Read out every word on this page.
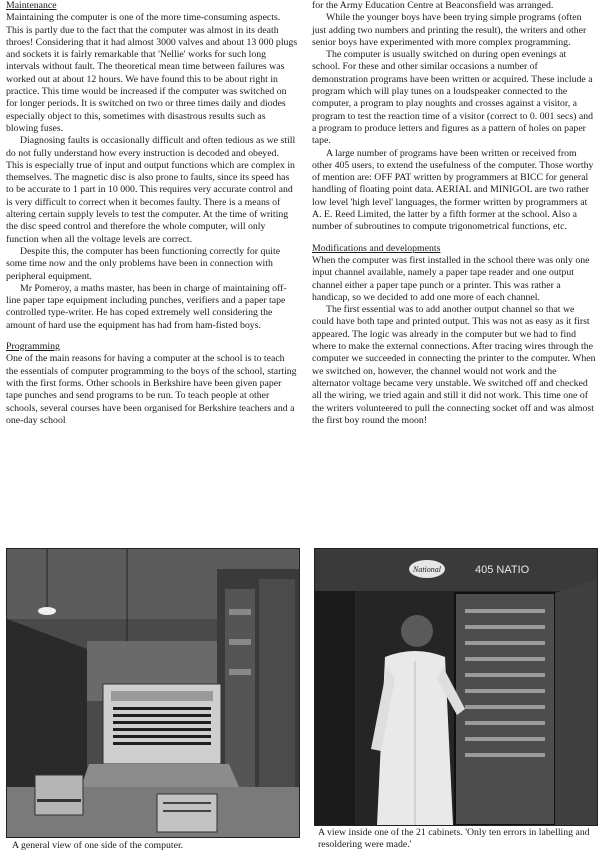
Maintenance

Maintaining the computer is one of the more time-consuming aspects. This is partly due to the fact that the computer was almost in its death throes! Considering that it had almost 3000 valves and about 13 000 plugs and sockets it is fairly remarkable that 'Nellie' works for such long intervals without fault. The theoretical mean time between failures was worked out at about 12 hours. We have found this to be about right in practice. This time would be increased if the computer was switched on for longer periods. It is switched on two or three times daily and diodes especially object to this, sometimes with disastrous results such as blowing fuses.

Diagnosing faults is occasionally difficult and often tedious as we still do not fully understand how every instruction is decoded and obeyed. This is especially true of input and output functions which are complex in themselves. The magnetic disc is also prone to faults, since its speed has to be accurate to 1 part in 10 000. This requires very accurate control and is very difficult to correct when it becomes faulty. There is a means of altering certain supply levels to test the computer. At the time of writing the disc speed control and therefore the whole computer, will only function when all the voltage levels are correct.

Despite this, the computer has been functioning correctly for quite some time now and the only problems have been in connection with peripheral equipment.

Mr Pomeroy, a maths master, has been in charge of maintaining off-line paper tape equipment including punches, verifiers and a paper tape controlled type-writer. He has coped extremely well considering the amount of hard use the equipment has had from ham-fisted boys.

Programming

One of the main reasons for having a computer at the school is to teach the essentials of computer programming to the boys of the school, starting with the first forms. Other schools in Berkshire have been given paper tape punches and send programs to be run. To teach people at other schools, several courses have been organised for Berkshire teachers and a one-day school

for the Army Education Centre at Beaconsfield was arranged.

While the younger boys have been trying simple programs (often just adding two numbers and printing the result), the writers and other senior boys have experimented with more complex programming.

The computer is usually switched on during open evenings at school. For these and other similar occasions a number of demonstration programs have been written or acquired. These include a program which will play tunes on a loudspeaker connected to the computer, a program to play noughts and crosses against a visitor, a program to test the reaction time of a visitor (correct to 0. 001 secs) and a program to produce letters and figures as a pattern of holes on paper tape.

A large number of programs have been written or received from other 405 users, to extend the usefulness of the computer. Those worthy of mention are: OFF PAT written by programmers at BICC for general handling of floating point data. AERIAL and MINIGOL are two rather low level 'high level' languages, the former written by programmers at A. E. Reed Limited, the latter by a fifth former at the school. Also a number of subroutines to compute trigonometrical functions, etc.

Modifications and developments

When the computer was first installed in the school there was only one input channel available, namely a paper tape reader and one output channel either a paper tape punch or a printer. This was rather a handicap, so we decided to add one more of each channel.

The first essential was to add another output channel so that we could have both tape and printed output. This was not as easy as it first appeared. The logic was already in the computer but we had to find where to make the external connections. After tracing wires through the computer we succeeded in connecting the printer to the computer. When we switched on, however, the channel would not work and the alternator voltage became very unstable. We switched off and checked all the wiring, we tried again and still it did not work. This time one of the writers volunteered to pull the connecting socket off and was almost the first boy round the moon!

A general view of one side of the computer.
National	405 NATIO
A view inside one of the 21 cabinets. 'Only ten errors in labelling and resoldering were made.'
